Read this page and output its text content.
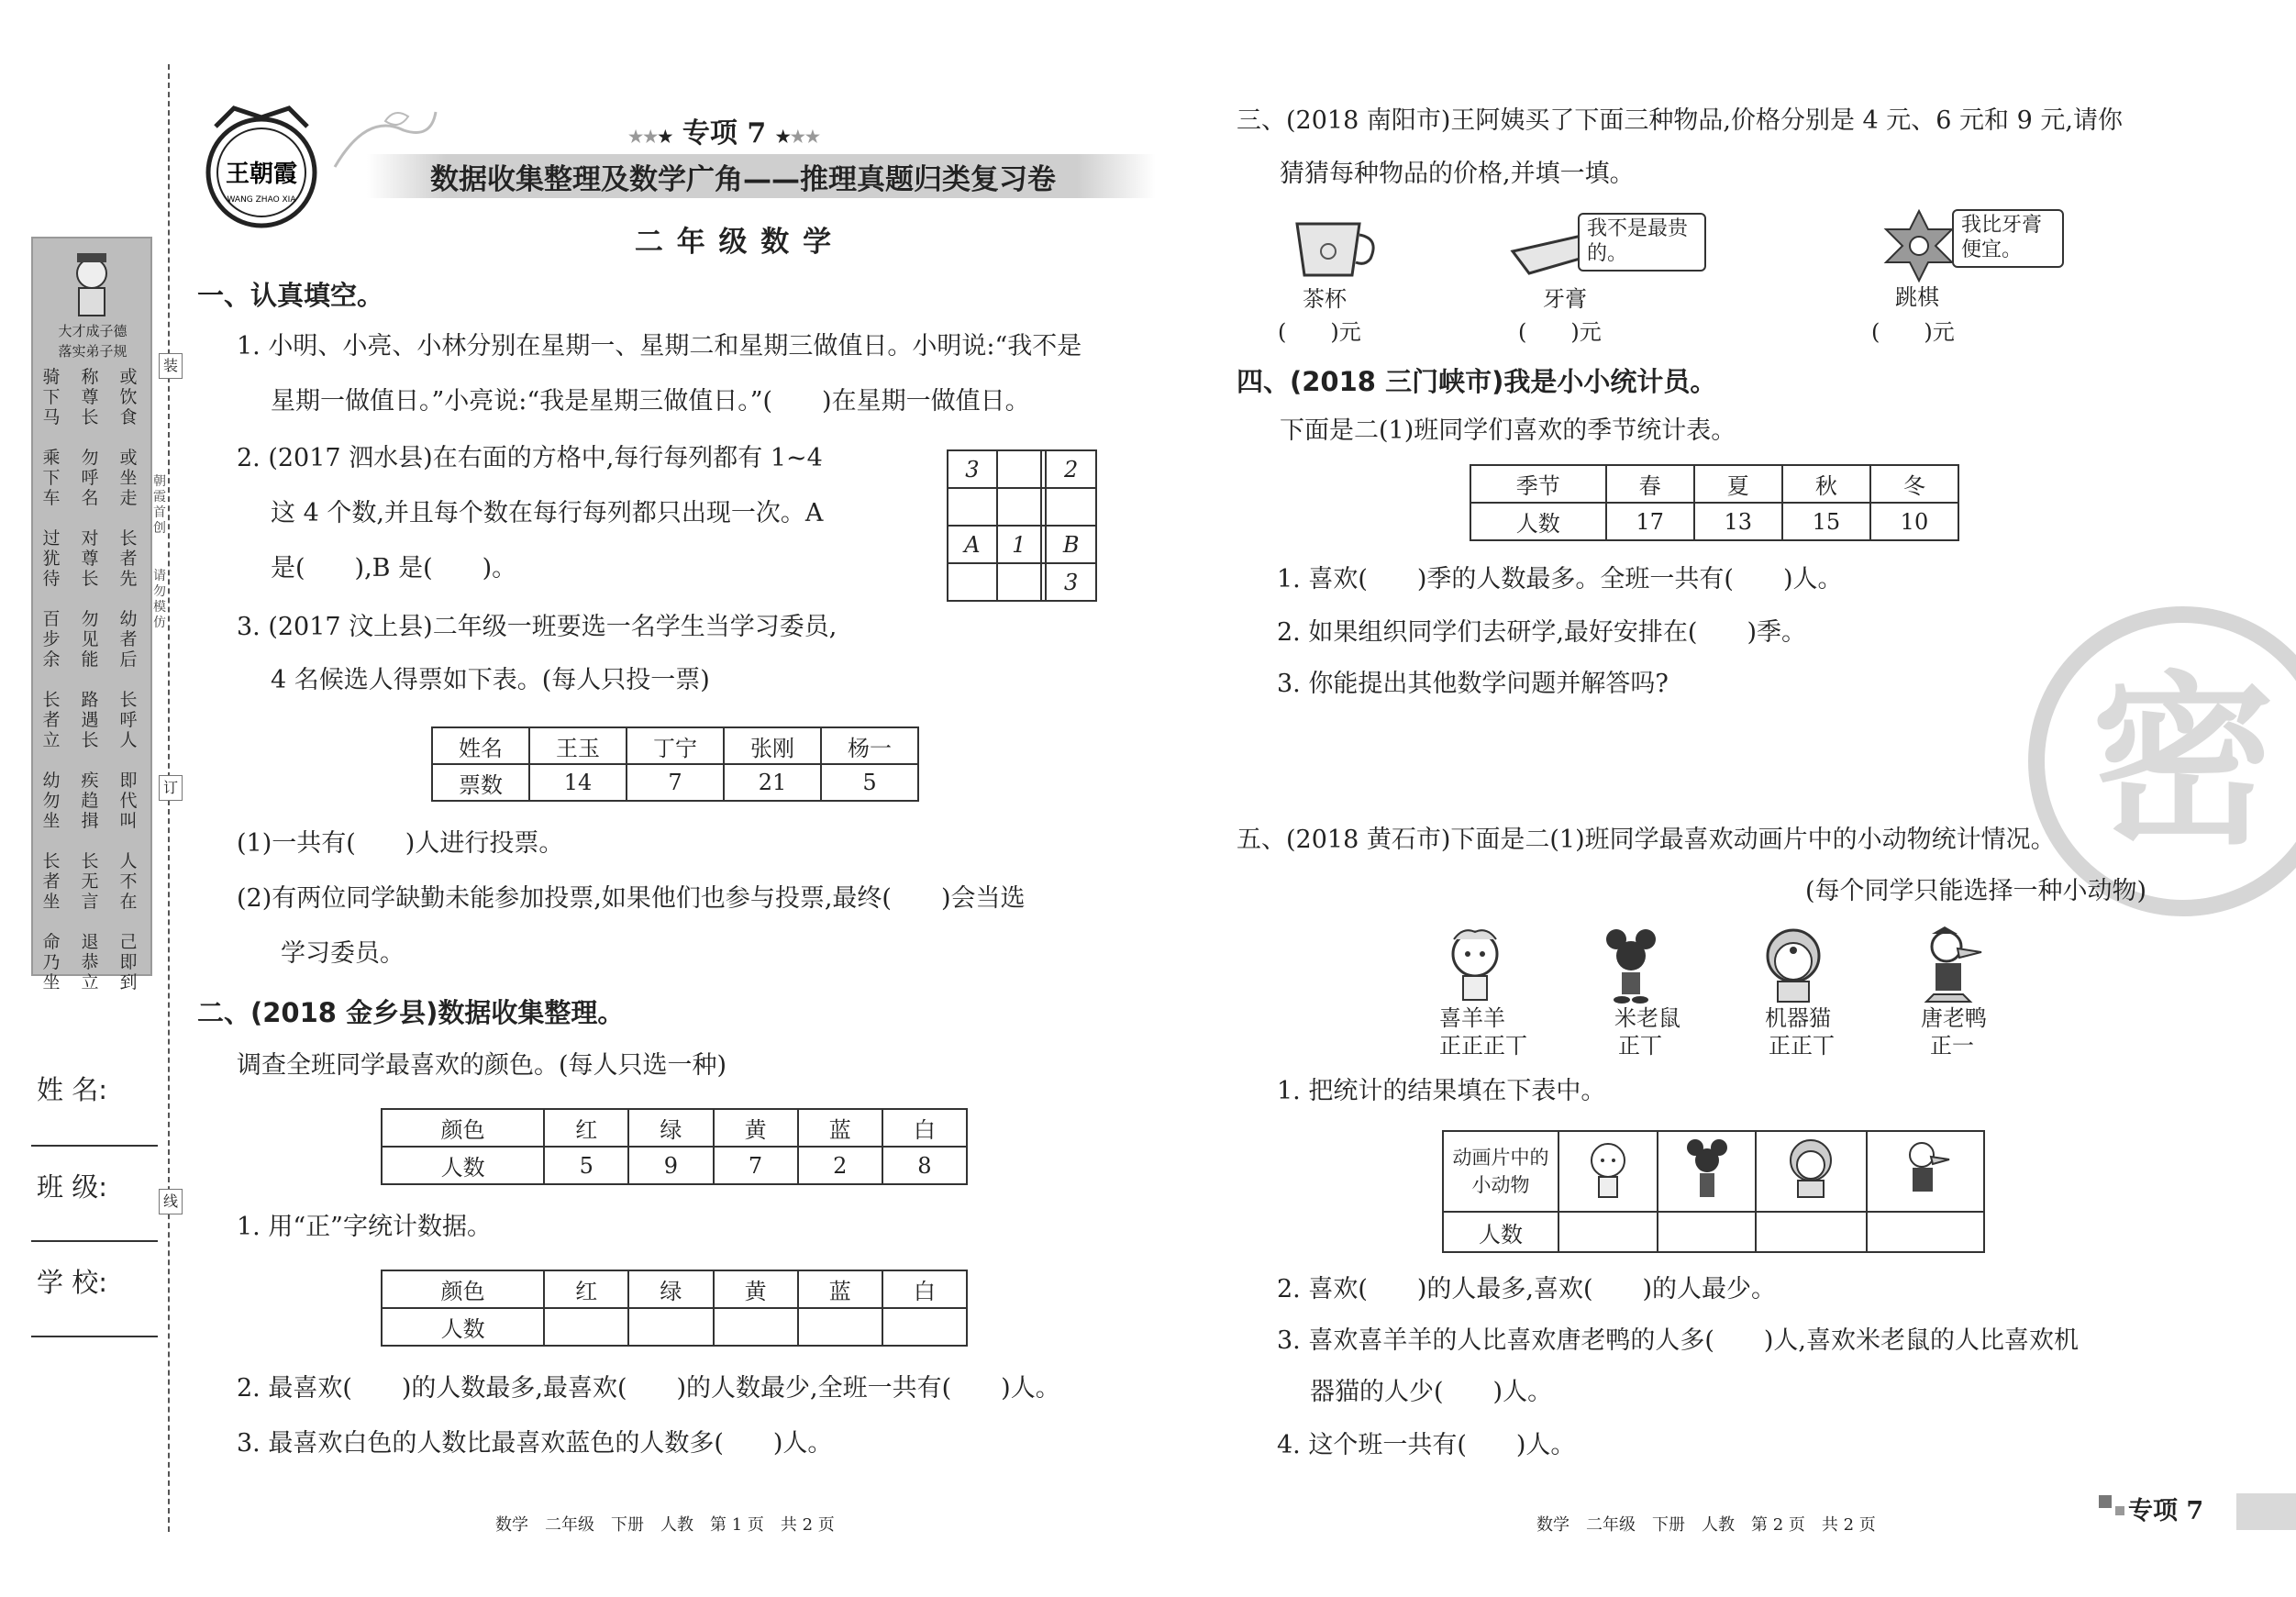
装
订
线
朝霞首创
请勿模仿
大才成子德
落实弟子规
骑下马

乘下车

过犹待

百步余

长者立

幼勿坐

长者坐

命乃坐
称尊长

勿呼名

对尊长

勿见能

路遇长

疾趋揖

长无言

退恭立
或饮食

或坐走

长者先

幼者后

长呼人

即代叫

人不在

己即到
姓 名:
班 级:
学 校:
王朝霞
WANG ZHAO XIA
★★★ 专项 7 ★★★
数据收集整理及数学广角——推理真题归类复习卷
二 年 级 数 学
一、认真填空。
1. 小明、小亮、小林分别在星期一、星期二和星期三做值日。小明说:“我不是
星期一做值日。”小亮说:“我是星期三做值日。”(　　)在星期一做值日。
2. (2017 泗水县)在右面的方格中,每行每列都有 1~4
这 4 个数,并且每个数在每行每列都只出现一次。A
是(　　),B 是(　　)。
3			2

A	1		B
			3
3. (2017 汶上县)二年级一班要选一名学生当学习委员,
4 名候选人得票如下表。(每人只投一票)
姓名	王玉	丁宁	张刚	杨一
票数	14	7	21	5
(1)一共有(　　)人进行投票。
(2)有两位同学缺勤未能参加投票,如果他们也参与投票,最终(　　)会当选
学习委员。
二、(2018 金乡县)数据收集整理。
调查全班同学最喜欢的颜色。(每人只选一种)
颜色	红	绿	黄	蓝	白
人数	5	9	7	2	8
1. 用“正”字统计数据。
颜色	红	绿	黄	蓝	白
人数					
2. 最喜欢(　　)的人数最多,最喜欢(　　)的人数最少,全班一共有(　　)人。
3. 最喜欢白色的人数比最喜欢蓝色的人数多(　　)人。
数学　二年级　下册　人教　第 1 页　共 2 页
三、(2018 南阳市)王阿姨买了下面三种物品,价格分别是 4 元、6 元和 9 元,请你
猜猜每种物品的价格,并填一填。
茶杯
(　　)元
我不是最贵的。
牙膏
(　　)元
我比牙膏便宜。
跳棋
(　　)元
四、(2018 三门峡市)我是小小统计员。
下面是二(1)班同学们喜欢的季节统计表。
季节	春	夏	秋	冬
人数	17	13	15	10
1. 喜欢(　　)季的人数最多。全班一共有(　　)人。
2. 如果组织同学们去研学,最好安排在(　　)季。
3. 你能提出其他数学问题并解答吗? 密
五、(2018 黄石市)下面是二(1)班同学最喜欢动画片中的小动物统计情况。
(每个同学只能选择一种小动物)
喜羊羊
正正正丅
米老鼠
正丅
机器猫
正正丅
唐老鸭
正一
1. 把统计的结果填在下表中。
动画片中的小动物				
人数				
2. 喜欢(　　)的人最多,喜欢(　　)的人最少。
3. 喜欢喜羊羊的人比喜欢唐老鸭的人多(　　)人,喜欢米老鼠的人比喜欢机
器猫的人少(　　)人。
4. 这个班一共有(　　)人。
数学　二年级　下册　人教　第 2 页　共 2 页	专项 7
